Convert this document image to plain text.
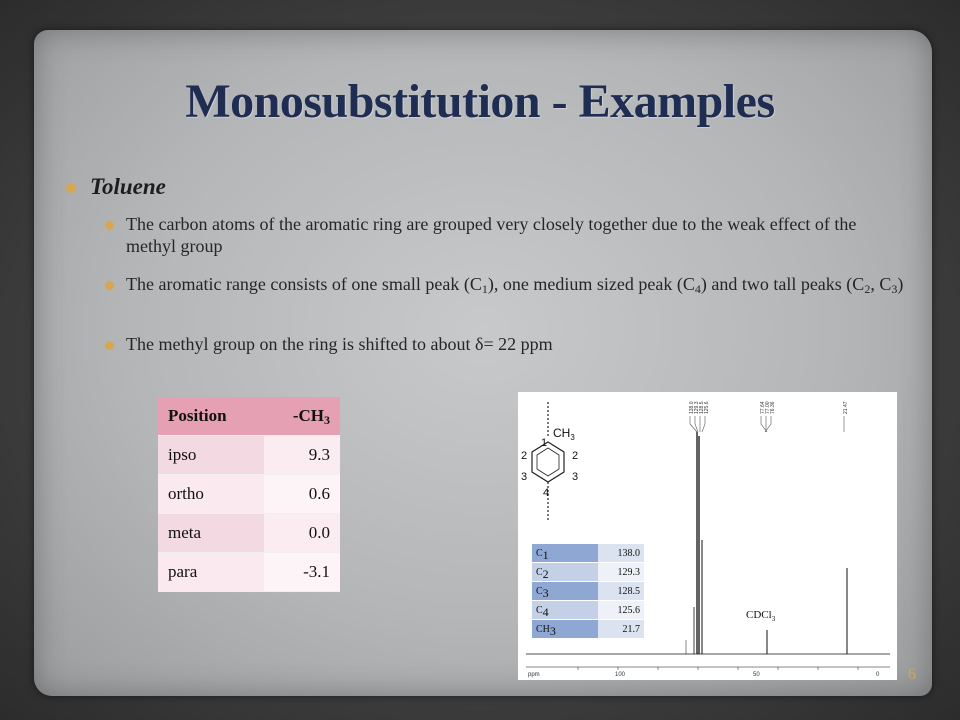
Monosubstitution - Examples
Toluene
The carbon atoms of the aromatic ring are grouped very closely together due to the weak effect of the methyl group
The aromatic range consists of one small peak $(C_1)$, one medium sized peak $(C_4)$ and two tall peaks ($C_2$, $C_3$)
The methyl group on the ring is shifted to about δ= 22 ppm
Position	$-CH_3$
ipso	9.3
ortho	0.6
meta	0.0
para	-3.1
$CH_3$
1
2	2
3	3
4
138.0 129.3 128.5 125.6	77.64 77.00 76.36	21.47
CDCl$_3$
ppm	100	50	0
$C_1$	138.0
$C_2$	129.3
$C_3$	128.5
$C_4$	125.6
$CH_3$	21.7
6
